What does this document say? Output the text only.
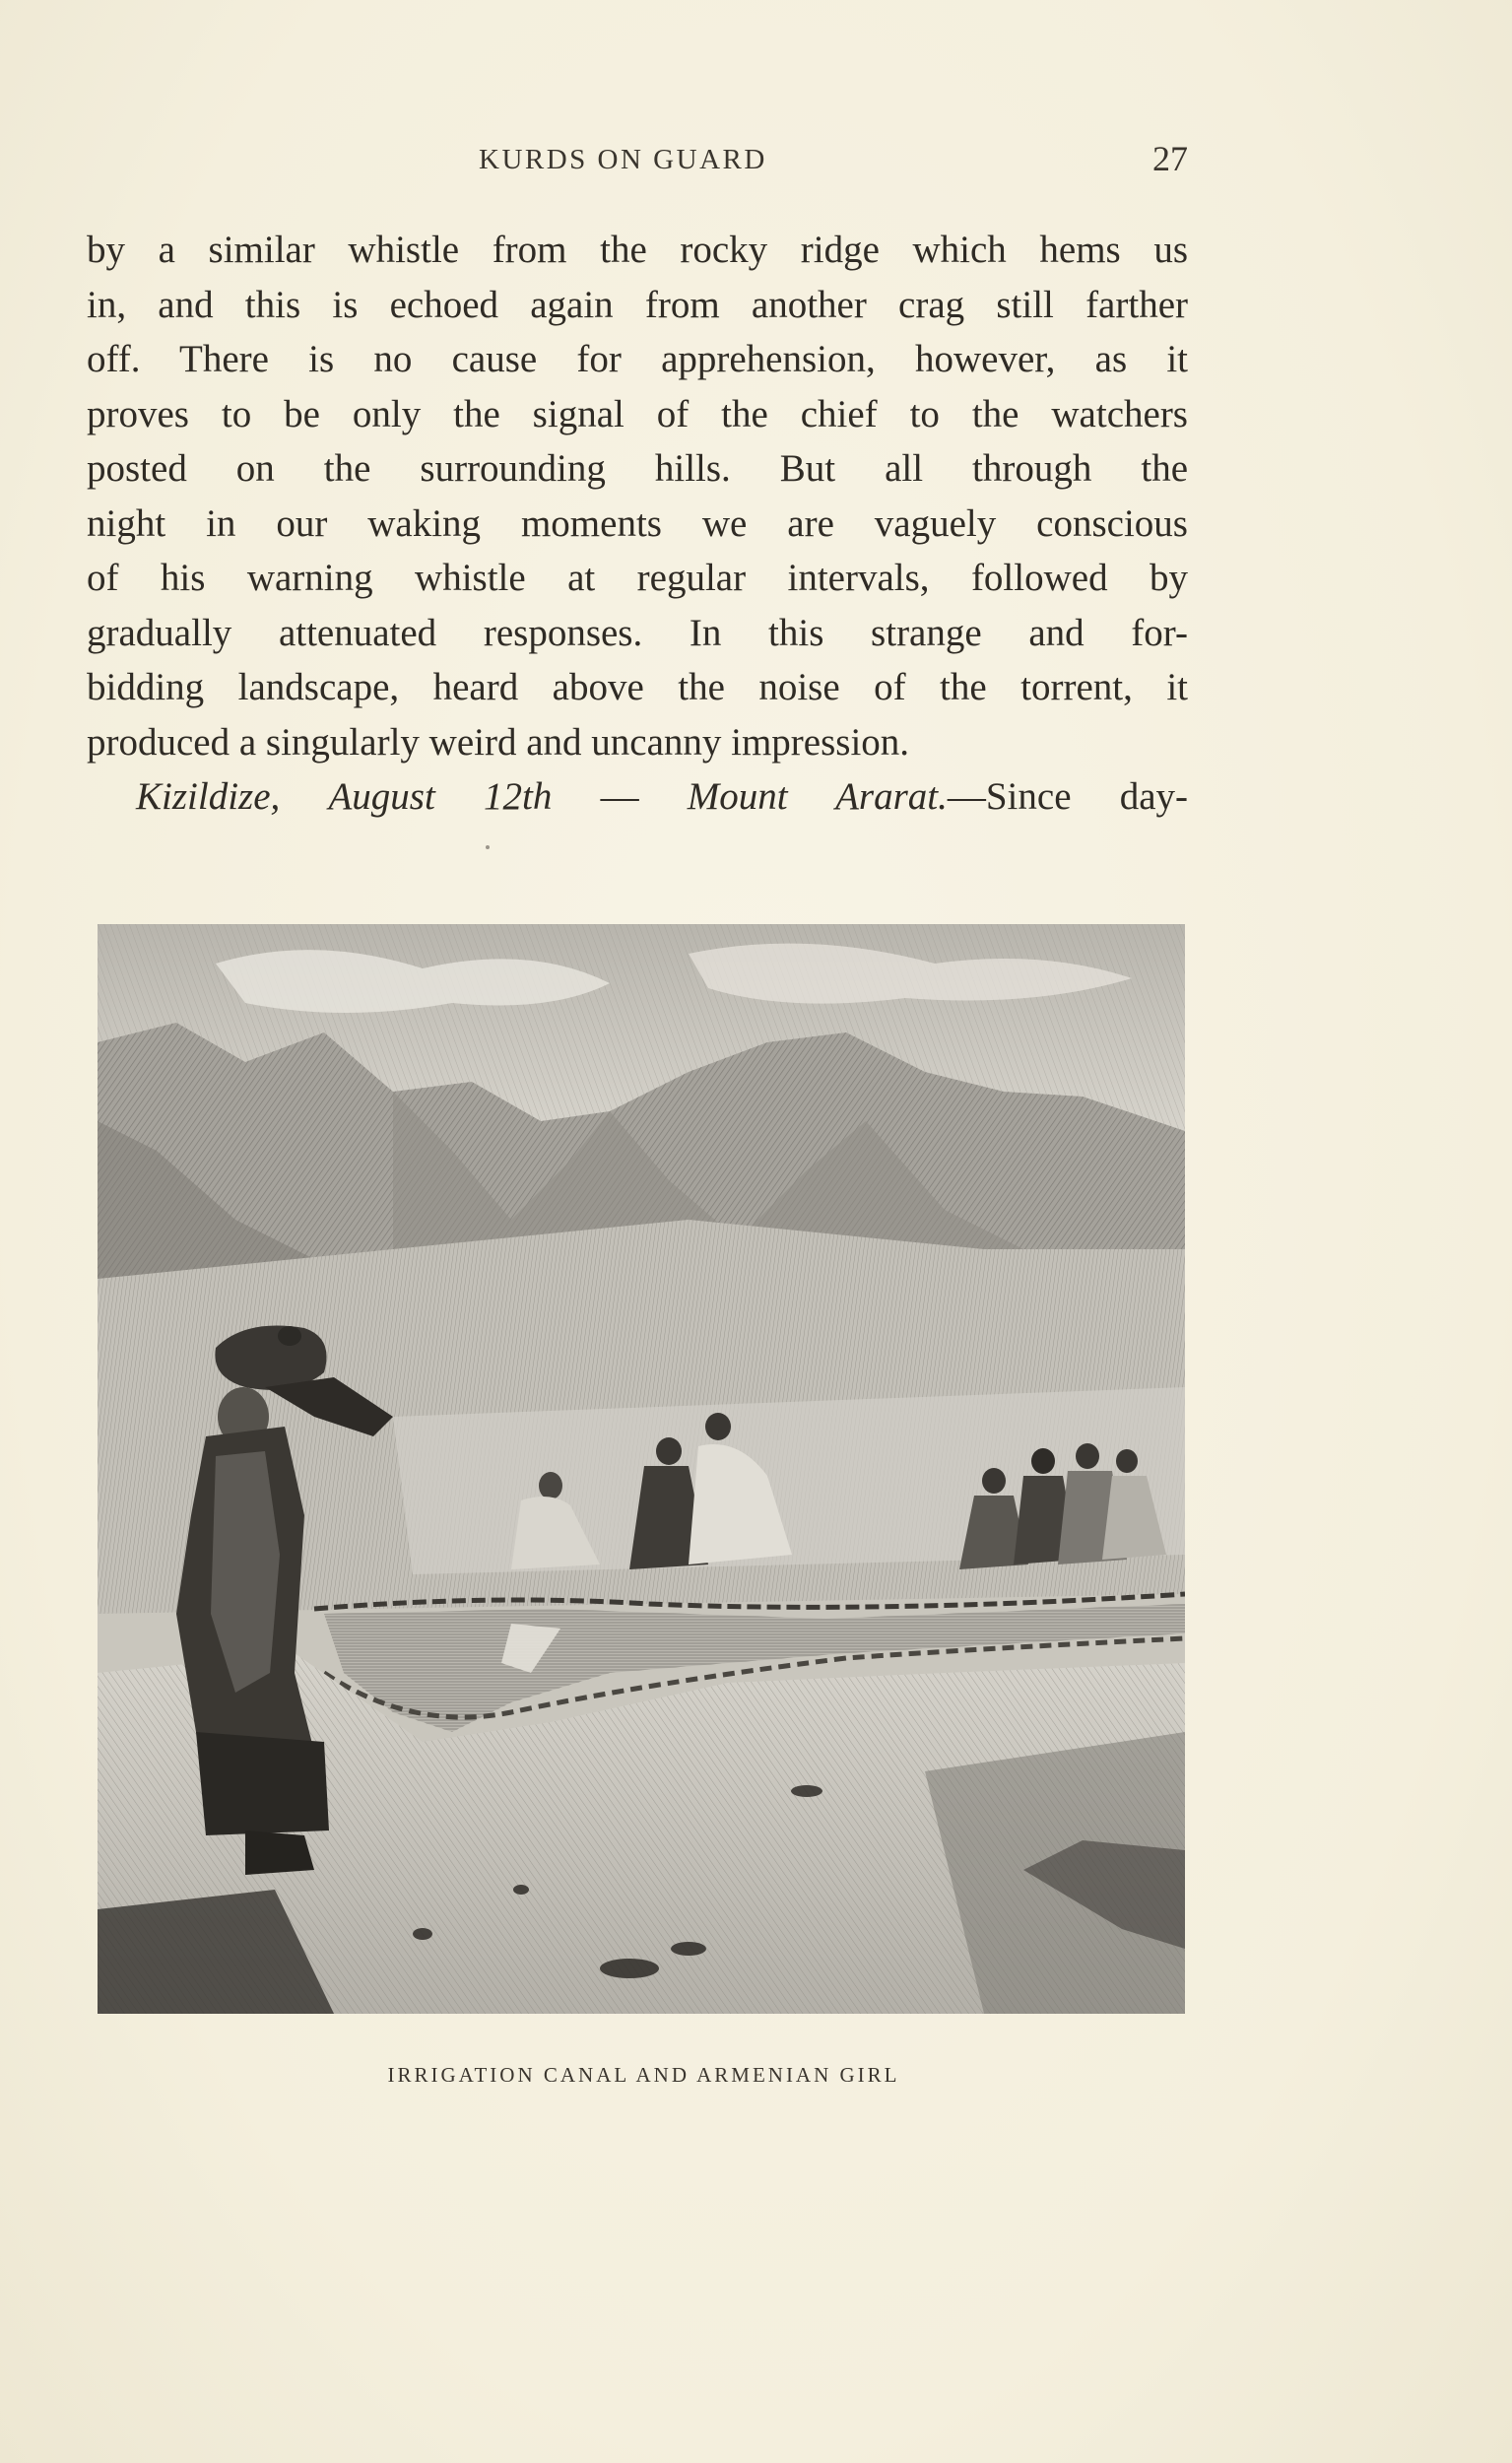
KURDS ON GUARD	27
by a similar whistle from the rocky ridge which hems us
in, and this is echoed again from another crag still farther
off. There is no cause for apprehension, however, as it
proves to be only the signal of the chief to the watchers
posted on the surrounding hills. But all through the
night in our waking moments we are vaguely conscious
of his warning whistle at regular intervals, followed by
gradually attenuated responses. In this strange and for-
bidding landscape, heard above the noise of the torrent, it
produced a singularly weird and uncanny impression.
Kizildize, August 12th — Mount Ararat.—Since day-
IRRIGATION CANAL AND ARMENIAN GIRL
